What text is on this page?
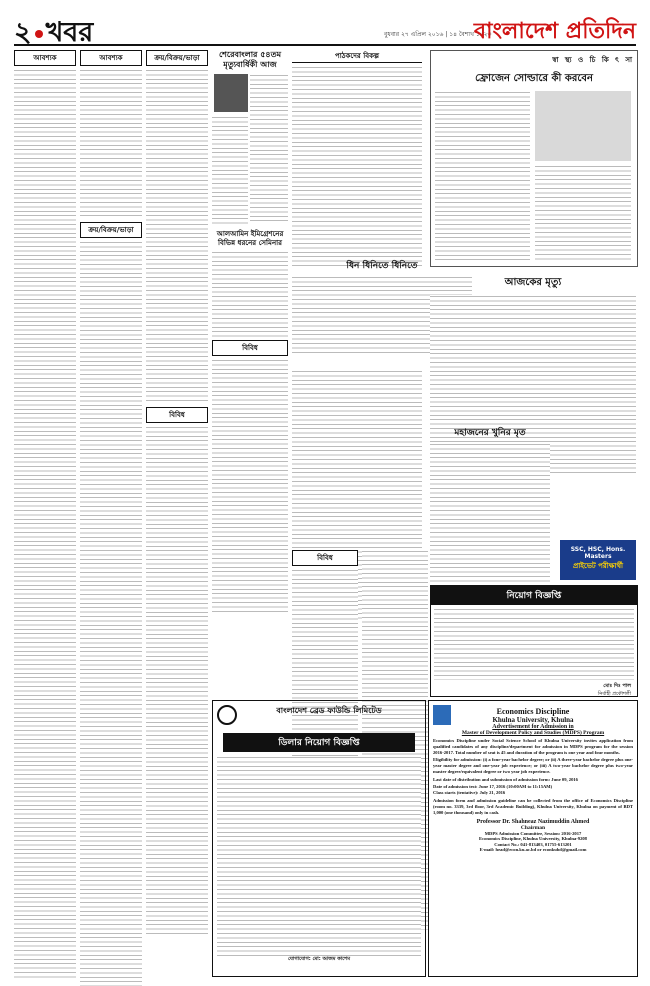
২ খবর	বুধবার ২৭ এপ্রিল ২০১৬ | ১৪ বৈশাখ ১৪২৩
বাংলাদেশ প্রতিদিন
আবশ্যক	আবশ্যক
ক্রয়/বিক্রয়/ভাড়া
ক্রয়/বিক্রয়/ভাড়া
বিবিধ
শেরেবাংলার ৫৪তম মৃত্যুবার্ষিকী আজ
আলআমিন ইমিগ্রেশনের বিভিন্ন ধরনের সেমিনার
বিবিধ
পাঠকদের বিকল্প
ধিন ধিনিতে ধিনিতে
বিবিধ
স্বা স্থ্য ও চি কি ৎ সা
ফ্রোজেন সোল্ডারে কী করবেন
আজকের মৃত্যু
মহাজনের খুনির মৃত
SSC, HSC, Hons. Masters
প্রাইভেট পরীক্ষার্থী
নিয়োগ বিজ্ঞপ্তি
মোঃ দিঃ পাল
নির্বাহী প্রকৌশলী
বাংলাদেশ ব্রেড ফাউন্ডি লিমিটেড
ডিলার নিয়োগ বিজ্ঞপ্তি
যোগাযোগ: মো: আজম কাশেম
Economics Discipline
Khulna University, Khulna
Advertisement for Admission in
Master of Development Policy and Studies (MDPS) Program
Economics Discipline under Social Science School of Khulna University invites application from qualified candidates of any discipline/department for admission in MDPS program for the session 2016-2017. Total number of seat is 45 and duration of the program is one year and four months.
Eligibility for admission: (i) a four-year bachelor degree; or (ii) A three-year bachelor degree plus one-year master degree and one-year job experience; or (iii) A two-year bachelor degree plus two-year master degree/equivalent degree or two year job experience.
Last date of distribution and submission of admission form: June 09, 2016
Date of admission test: June 17, 2016 (10:00AM to 11:15AM)
Class starts (tentative): July 21, 2016
Admission form and admission guideline can be collected from the office of Economics Discipline (room no. 3339, 3rd floor, 3rd Academic Building), Khulna University, Khulna on payment of BDT 1,000 (one thousand) only in cash.
Professor Dr. Shahneaz Nazimuddin Ahmed
Chairman
MDPS Admission Committee, Session: 2016-2017
Economics Discipline, Khulna University, Khulna-9208
Contact No.: 041-813403, 01755-613201
E-mail: head@econ.ku.ac.bd or econkubd@gmail.com
